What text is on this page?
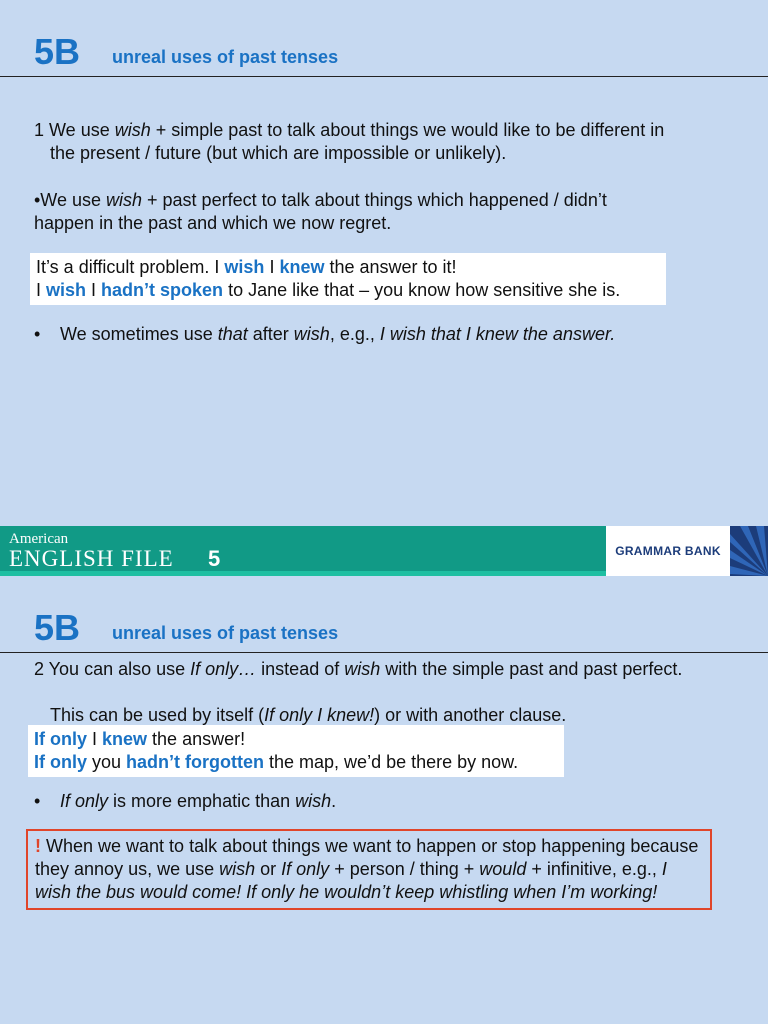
5B unreal uses of past tenses
1 We use wish + simple past to talk about things we would like to be different in
the present / future (but which are impossible or unlikely).
•We use wish + past perfect to talk about things which happened / didn’t
happen in the past and which we now regret.
It’s a difficult problem. I wish I knew the answer to it!
I wish I hadn’t spoken to Jane like that – you know how sensitive she is.
• We sometimes use that after wish, e.g., I wish that I knew the answer.
American
ENGLISH FILE 5	GRAMMAR BANK
5B unreal uses of past tenses
2 You can also use If only… instead of wish with the simple past and past perfect.
This can be used by itself (If only I knew!) or with another clause.
If only I knew the answer!
If only you hadn’t forgotten the map, we’d be there by now.
• If only is more emphatic than wish.
! When we want to talk about things we want to happen or stop happening because they annoy us, we use wish or If only + person / thing + would + infinitive, e.g., I wish the bus would come! If only he wouldn’t keep whistling when I’m working!
